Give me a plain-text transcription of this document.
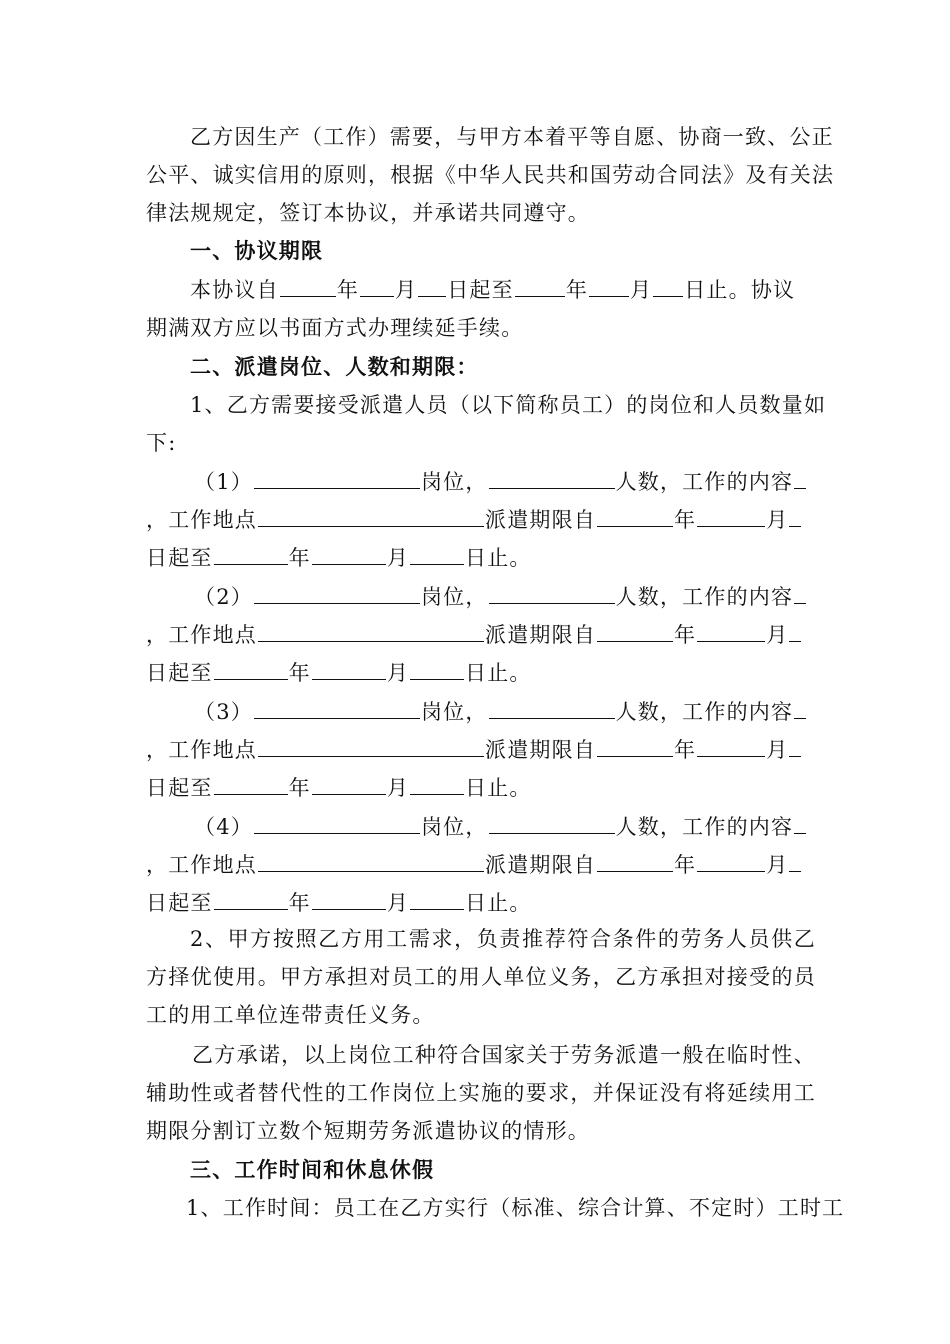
乙方因生产（工作）需要，与甲方本着平等自愿、协商一致、公正
公平、诚实信用的原则，根据《中华人民共和国劳动合同法》及有关法
律法规规定，签订本协议，并承诺共同遵守。
一、协议期限
本协议自	年 月 日起至 年 月 日止。协议
期满双方应以书面方式办理续延手续。
二、派遣岗位、人数和期限：
1、乙方需要接受派遣人员（以下简称员工）的岗位和人员数量如
下:
（1）	岗位，	人数，工作的内容
，工作地点	派遣期限自	年	月
日起至	年	月	日止。
（2）	岗位，	人数，工作的内容
，工作地点	派遣期限自	年	月
日起至	年	月	日止。
（3）	岗位，	人数，工作的内容
，工作地点	派遣期限自	年	月
日起至	年	月	日止。
（4）	岗位，	人数，工作的内容
，工作地点	派遣期限自	年	月
日起至	年	月	日止。
2、甲方按照乙方用工需求，负责推荐符合条件的劳务人员供乙
方择优使用。甲方承担对员工的用人单位义务，乙方承担对接受的员
工的用工单位连带责任义务。
乙方承诺，以上岗位工种符合国家关于劳务派遣一般在临时性、
辅助性或者替代性的工作岗位上实施的要求，并保证没有将延续用工
期限分割订立数个短期劳务派遣协议的情形。
三、工作时间和休息休假
1、工作时间：员工在乙方实行（标准、综合计算、不定时）工时工
